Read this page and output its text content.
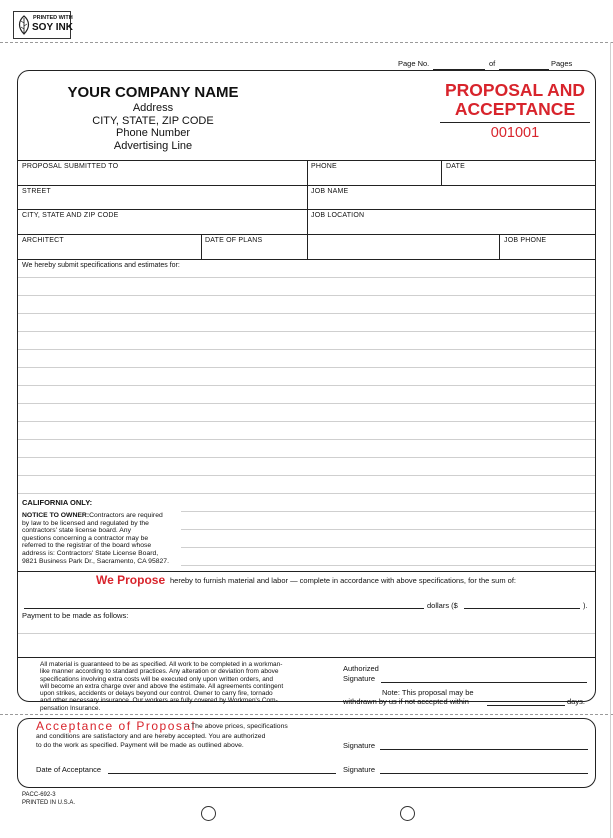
PRINTED WITH
SOY INK
Page No.	of	Pages
YOUR COMPANY NAME
Address
CITY, STATE, ZIP CODE
Phone Number
Advertising Line
PROPOSAL AND
ACCEPTANCE
001001
PROPOSAL SUBMITTED TO	PHONE	DATE
STREET	JOB NAME
CITY, STATE AND ZIP CODE	JOB LOCATION
ARCHITECT	DATE OF PLANS	JOB PHONE
We hereby submit specifications and estimates for:
CALIFORNIA ONLY:
NOTICE TO OWNER:Contractors are required
by law to be licensed and regulated by the
contractors' state license board. Any
questions concerning a contractor may be
referred to the registrar of the board whose
address is: Contractors' State License Board,
9821 Business Park Dr., Sacramento, CA 95827.
We Propose hereby to furnish material and labor — complete in accordance with above specifications, for the sum of:
dollars ($	).
Payment to be made as follows:
All material is guaranteed to be as specified. All work to be completed in a workman-
like manner according to standard practices. Any alteration or deviation from above
specifications involving extra costs will be executed only upon written orders, and
will become an extra charge over and above the estimate. All agreements contingent
upon strikes, accidents or delays beyond our control. Owner to carry fire, tornado
and other necessary insurance. Our workers are fully covered by Workmen's Com-
pensation Insurance.
Authorized
Signature
Note: This proposal may be
withdrawn by us if not accepted within	days.
Acceptance of Proposal
- The above prices, specifications
and conditions are satisfactory and are hereby accepted. You are authorized
to do the work as specified. Payment will be made as outlined above.	Signature
Date of Acceptance	Signature
PACC-692-3
PRINTED IN U.S.A.
